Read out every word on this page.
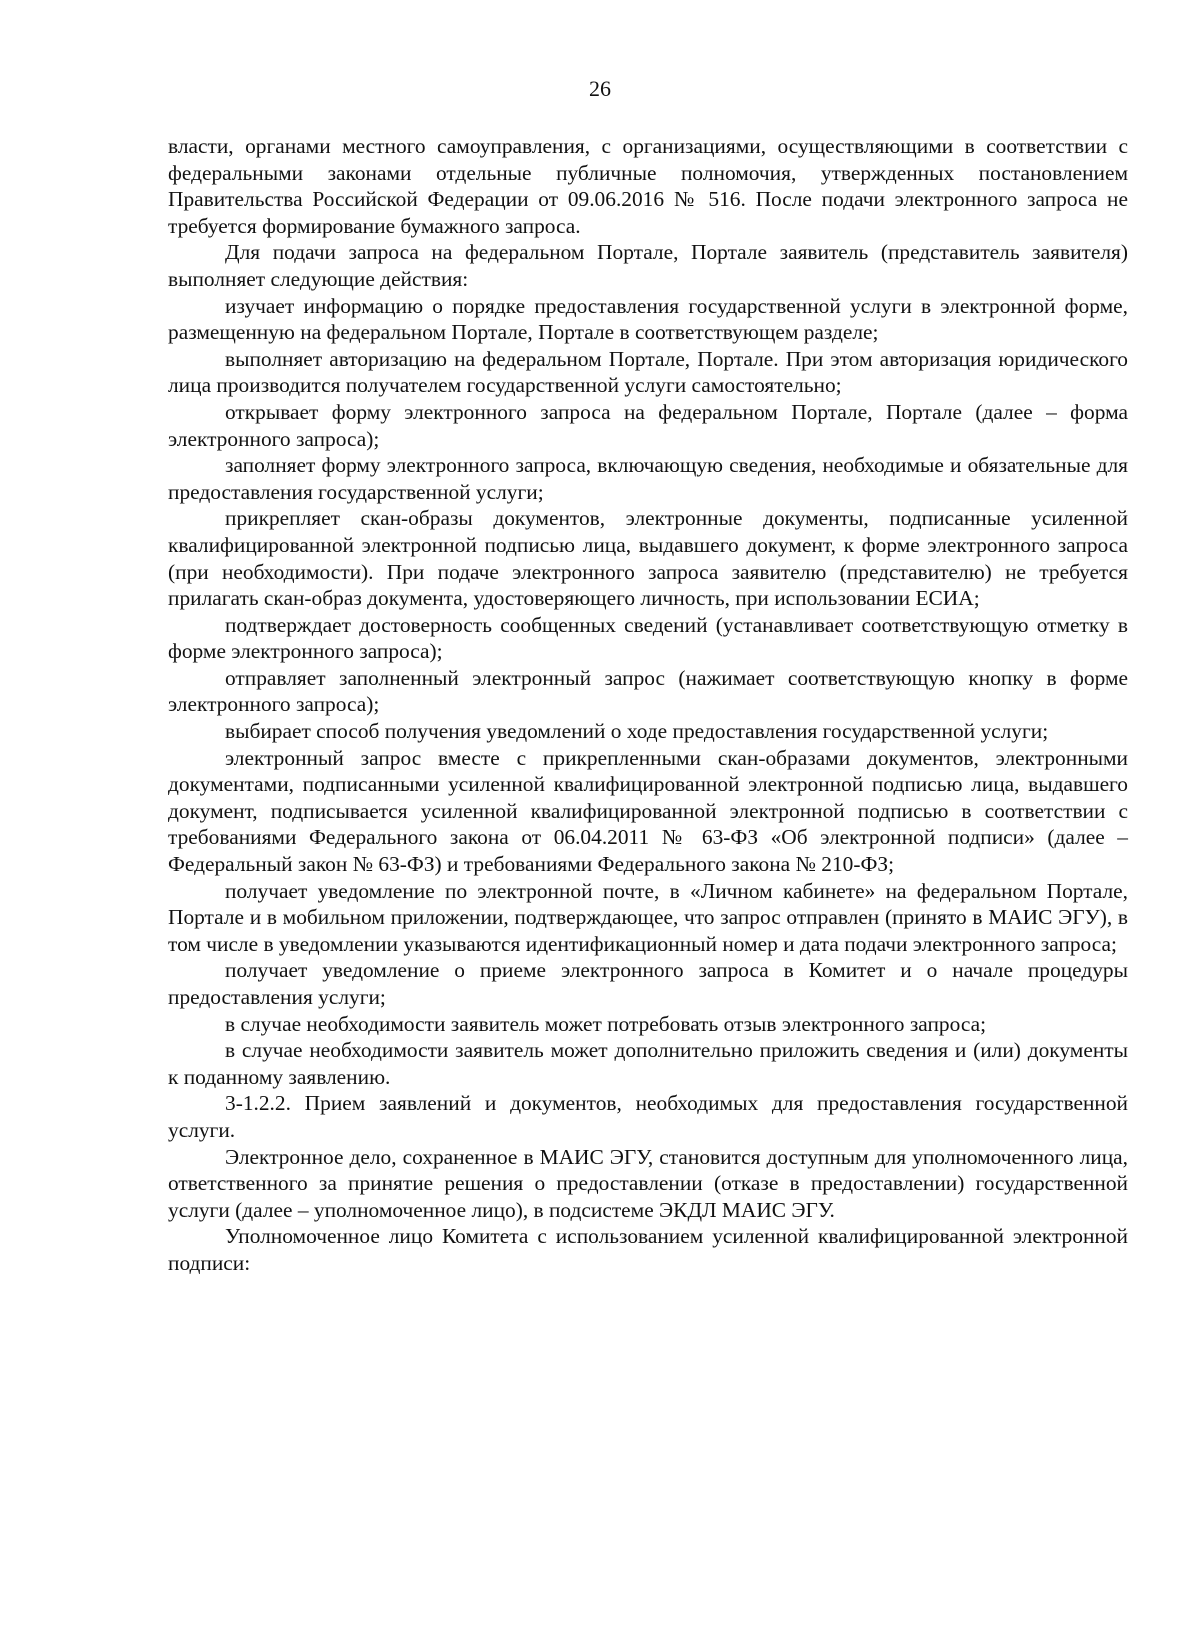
26

власти, органами местного самоуправления, с организациями, осуществляющими в соответствии с федеральными законами отдельные публичные полномочия, утвержденных постановлением Правительства Российской Федерации от 09.06.2016 № 516. После подачи электронного запроса не требуется формирование бумажного запроса.

Для подачи запроса на федеральном Портале, Портале заявитель (представитель заявителя) выполняет следующие действия:

изучает информацию о порядке предоставления государственной услуги в электронной форме, размещенную на федеральном Портале, Портале в соответствующем разделе;

выполняет авторизацию на федеральном Портале, Портале. При этом авторизация юридического лица производится получателем государственной услуги самостоятельно;

открывает форму электронного запроса на федеральном Портале, Портале (далее – форма электронного запроса);

заполняет форму электронного запроса, включающую сведения, необходимые и обязательные для предоставления государственной услуги;

прикрепляет скан-образы документов, электронные документы, подписанные усиленной квалифицированной электронной подписью лица, выдавшего документ, к форме электронного запроса (при необходимости). При подаче электронного запроса заявителю (представителю) не требуется прилагать скан-образ документа, удостоверяющего личность, при использовании ЕСИА;

подтверждает достоверность сообщенных сведений (устанавливает соответствующую отметку в форме электронного запроса);

отправляет заполненный электронный запрос (нажимает соответствующую кнопку в форме электронного запроса);

выбирает способ получения уведомлений о ходе предоставления государственной услуги;

электронный запрос вместе с прикрепленными скан-образами документов, электронными документами, подписанными усиленной квалифицированной электронной подписью лица, выдавшего документ, подписывается усиленной квалифицированной электронной подписью в соответствии с требованиями Федерального закона от 06.04.2011 № 63-ФЗ «Об электронной подписи» (далее – Федеральный закон № 63-ФЗ) и требованиями Федерального закона № 210-ФЗ;

получает уведомление по электронной почте, в «Личном кабинете» на федеральном Портале, Портале и в мобильном приложении, подтверждающее, что запрос отправлен (принято в МАИС ЭГУ), в том числе в уведомлении указываются идентификационный номер и дата подачи электронного запроса;

получает уведомление о приеме электронного запроса в Комитет и о начале процедуры предоставления услуги;

в случае необходимости заявитель может потребовать отзыв электронного запроса;

в случае необходимости заявитель может дополнительно приложить сведения и (или) документы к поданному заявлению.

3-1.2.2. Прием заявлений и документов, необходимых для предоставления государственной услуги.

Электронное дело, сохраненное в МАИС ЭГУ, становится доступным для уполномоченного лица, ответственного за принятие решения о предоставлении (отказе в предоставлении) государственной услуги (далее – уполномоченное лицо), в подсистеме ЭКДЛ МАИС ЭГУ.

Уполномоченное лицо Комитета с использованием усиленной квалифицированной электронной подписи:
